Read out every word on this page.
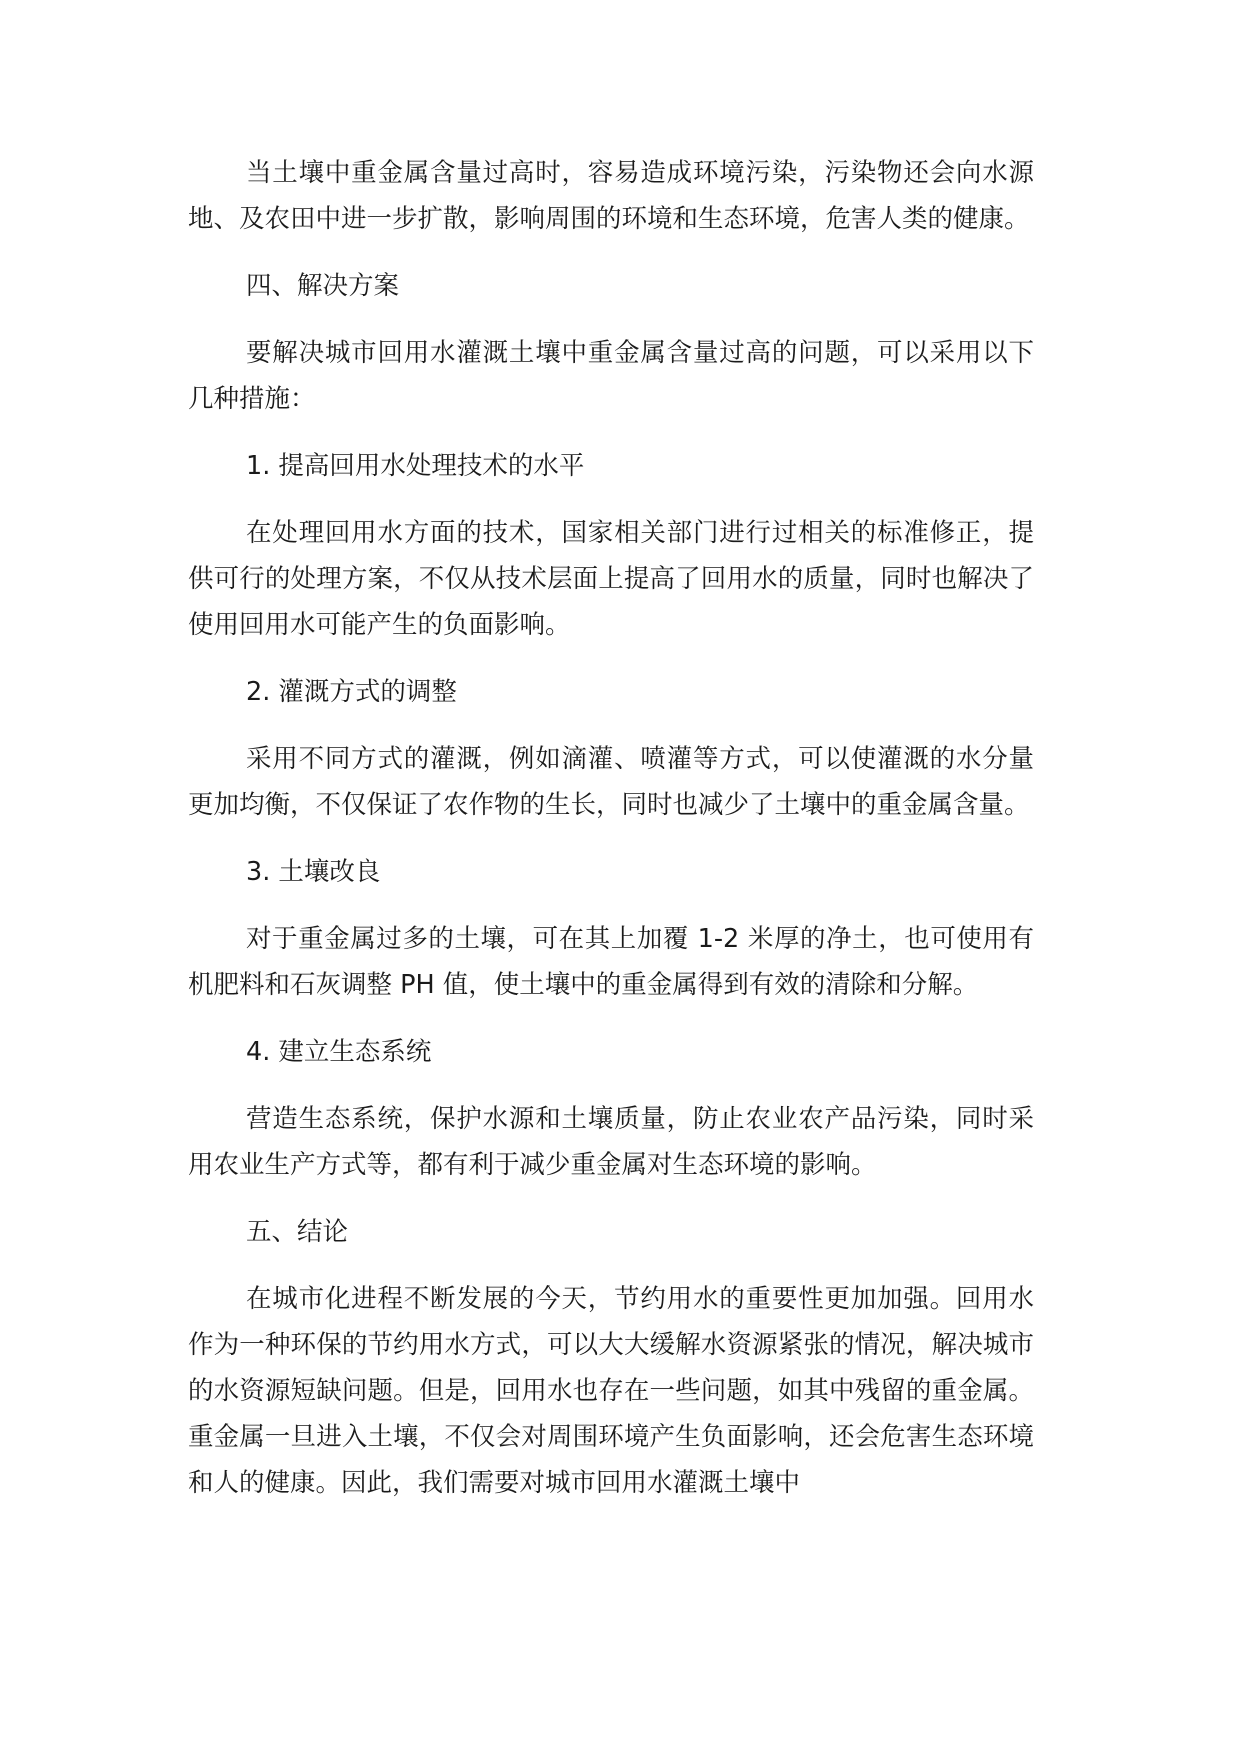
当土壤中重金属含量过高时，容易造成环境污染，污染物还会向水源地、及农田中进一步扩散，影响周围的环境和生态环境，危害人类的健康。

四、解决方案

要解决城市回用水灌溉土壤中重金属含量过高的问题，可以采用以下几种措施：

1. 提高回用水处理技术的水平

在处理回用水方面的技术，国家相关部门进行过相关的标准修正，提供可行的处理方案，不仅从技术层面上提高了回用水的质量，同时也解决了使用回用水可能产生的负面影响。

2. 灌溉方式的调整

采用不同方式的灌溉，例如滴灌、喷灌等方式，可以使灌溉的水分量更加均衡，不仅保证了农作物的生长，同时也减少了土壤中的重金属含量。

3. 土壤改良

对于重金属过多的土壤，可在其上加覆 1-2 米厚的净土，也可使用有机肥料和石灰调整 PH 值，使土壤中的重金属得到有效的清除和分解。

4. 建立生态系统

营造生态系统，保护水源和土壤质量，防止农业农产品污染，同时采用农业生产方式等，都有利于减少重金属对生态环境的影响。

五、结论

在城市化进程不断发展的今天，节约用水的重要性更加加强。回用水作为一种环保的节约用水方式，可以大大缓解水资源紧张的情况，解决城市的水资源短缺问题。但是，回用水也存在一些问题，如其中残留的重金属。重金属一旦进入土壤，不仅会对周围环境产生负面影响，还会危害生态环境和人的健康。因此，我们需要对城市回用水灌溉土壤中
